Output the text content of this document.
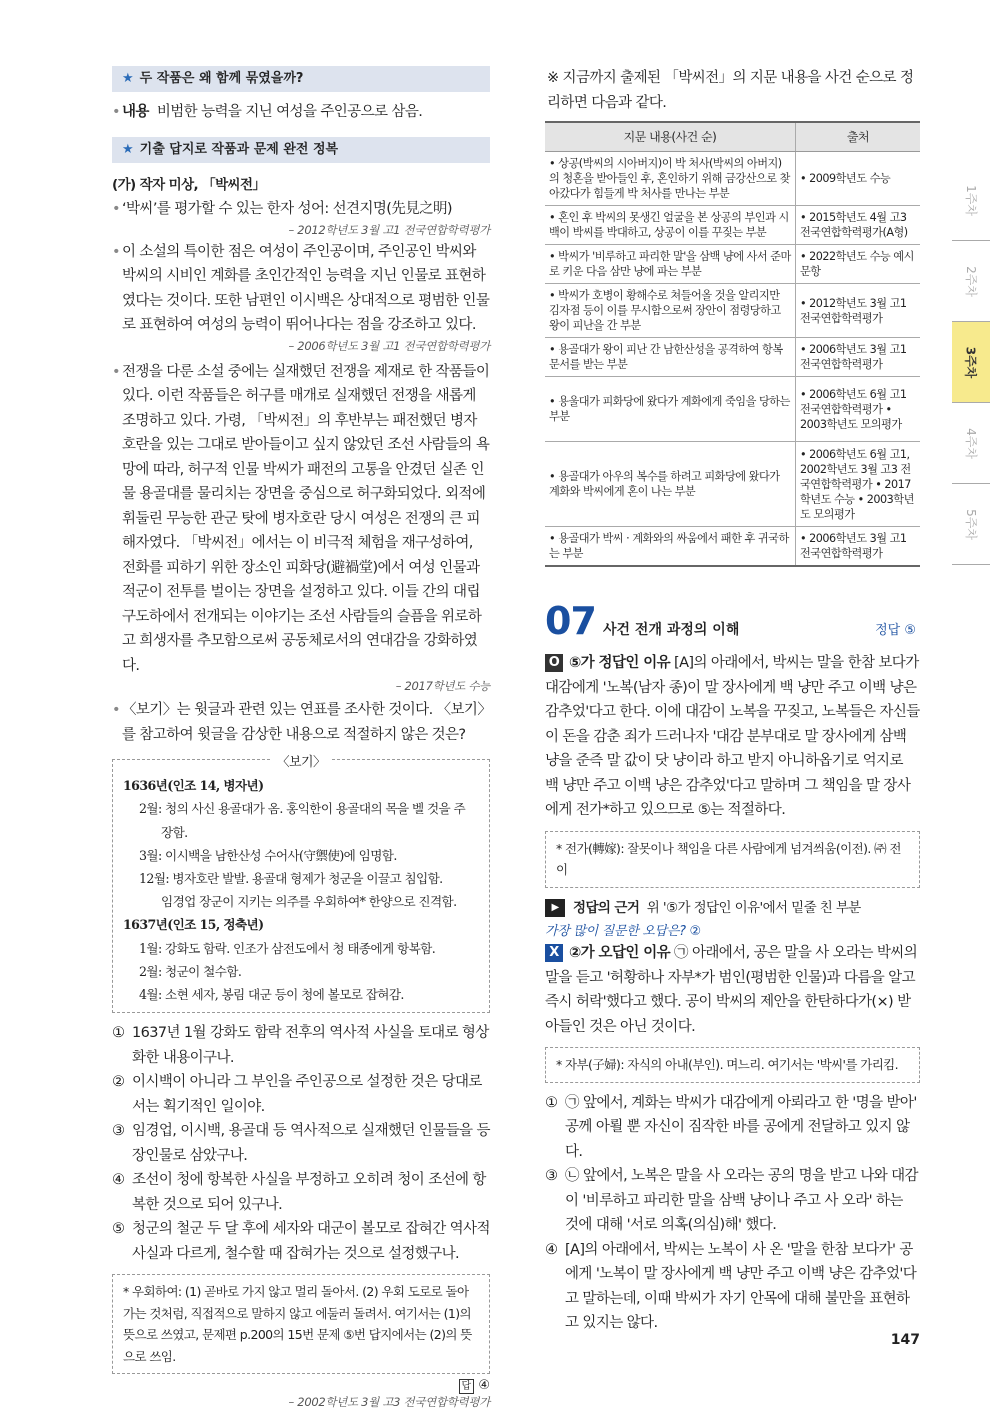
★ 두 작품은 왜 함께 묶였을까?
• 내용 비범한 능력을 지닌 여성을 주인공으로 삼음.
★ 기출 답지로 작품과 문제 완전 정복
(가) 작자 미상, 「박씨전」
• ‘박씨’를 평가할 수 있는 한자 성어: 선견지명(先見之明)
– 2012학년도 3월 고1 전국연합학력평가
• 이 소설의 특이한 점은 여성이 주인공이며, 주인공인 박씨와 박씨의 시비인 계화를 초인간적인 능력을 지닌 인물로 표현하였다는 것이다. 또한 남편인 이시백은 상대적으로 평범한 인물로 표현하여 여성의 능력이 뛰어나다는 점을 강조하고 있다.
– 2006학년도 3월 고1 전국연합학력평가
• 전쟁을 다룬 소설 중에는 실재했던 전쟁을 제재로 한 작품들이 있다. 이런 작품들은 허구를 매개로 실재했던 전쟁을 새롭게 조명하고 있다. 가령, 「박씨전」의 후반부는 패전했던 병자호란을 있는 그대로 받아들이고 싶지 않았던 조선 사람들의 욕망에 따라, 허구적 인물 박씨가 패전의 고통을 안겼던 실존 인물 용골대를 물리치는 장면을 중심으로 허구화되었다. 외적에 휘둘린 무능한 관군 탓에 병자호란 당시 여성은 전쟁의 큰 피해자였다. 「박씨전」에서는 이 비극적 체험을 재구성하여, 전화를 피하기 위한 장소인 피화당(避禍堂)에서 여성 인물과 적군이 전투를 벌이는 장면을 설정하고 있다. 이들 간의 대립 구도하에서 전개되는 이야기는 조선 사람들의 슬픔을 위로하고 희생자를 추모함으로써 공동체로서의 연대감을 강화하였다.
– 2017학년도 수능
• 〈보기〉는 윗글과 관련 있는 연표를 조사한 것이다. 〈보기〉를 참고하여 윗글을 감상한 내용으로 적절하지 않은 것은?
〈보기〉
1636년(인조 14, 병자년)
2월: 청의 사신 용골대가 옴. 홍익한이 용골대의 목을 벨 것을 주
장함.
3월: 이시백을 남한산성 수어사(守禦使)에 임명함.
12월: 병자호란 발발. 용골대 형제가 청군을 이끌고 침입함.
임경업 장군이 지키는 의주를 우회하여* 한양으로 진격함.
1637년(인조 15, 정축년)
1월: 강화도 함락. 인조가 삼전도에서 청 태종에게 항복함.
2월: 청군이 철수함.
4월: 소현 세자, 봉림 대군 등이 청에 볼모로 잡혀감.
① 1637년 1월 강화도 함락 전후의 역사적 사실을 토대로 형상화한 내용이구나.
② 이시백이 아니라 그 부인을 주인공으로 설정한 것은 당대로서는 획기적인 일이야.
③ 임경업, 이시백, 용골대 등 역사적으로 실재했던 인물들을 등장인물로 삼았구나.
④ 조선이 청에 항복한 사실을 부정하고 오히려 청이 조선에 항복한 것으로 되어 있구나.
⑤ 청군의 철군 두 달 후에 세자와 대군이 볼모로 잡혀간 역사적 사실과 다르게, 철수할 때 잡혀가는 것으로 설정했구나.
* 우회하여: (1) 곧바로 가지 않고 멀리 돌아서. (2) 우회 도로로 돌아가는 것처럼, 직접적으로 말하지 않고 에둘러 돌려서. 여기서는 (1)의 뜻으로 쓰였고, 문제편 p.200의 15번 문제 ⑤번 답지에서는 (2)의 뜻으로 쓰임.
답 ④
– 2002학년도 3월 고3 전국연합학력평가
※ 지금까지 출제된 「박씨전」의 지문 내용을 사건 순으로 정리하면 다음과 같다.
지문 내용(사건 순)	출처
• 상공(박씨의 시아버지)이 박 처사(박씨의 아버지)의 청혼을 받아들인 후, 혼인하기 위해 금강산으로 찾아갔다가 힘들게 박 처사를 만나는 부분	• 2009학년도 수능
• 혼인 후 박씨의 못생긴 얼굴을 본 상공의 부인과 시백이 박씨를 박대하고, 상공이 이를 꾸짖는 부분	• 2015학년도 4월 고3 전국연합학력평가(A형)
• 박씨가 '비루하고 파리한 말'을 삼백 냥에 사서 준마로 키운 다음 삼만 냥에 파는 부분	• 2022학년도 수능 예시 문항
• 박씨가 호병이 황해수로 쳐들어올 것을 알리지만 김자점 등이 이를 무시함으로써 장안이 점령당하고 왕이 피난을 간 부분	• 2012학년도 3월 고1 전국연합학력평가
• 용골대가 왕이 피난 간 남한산성을 공격하여 항복 문서를 받는 부분	• 2006학년도 3월 고1 전국연합학력평가
• 용울대가 피화당에 왔다가 계화에게 죽임을 당하는 부분	• 2006학년도 6월 고1 전국연합학력평가 • 2003학년도 모의평가
• 용골대가 아우의 복수를 하려고 피화당에 왔다가 계화와 박씨에게 혼이 나는 부분	• 2006학년도 6월 고1, 2002학년도 3월 고3 전국연합학력평가 • 2017학년도 수능 • 2003학년도 모의평가
• 용골대가 박씨 · 계화와의 싸움에서 패한 후 귀국하는 부분	• 2006학년도 3월 고1 전국연합학력평가
07 사건 전개 과정의 이해	정답 ⑤
O ⑤가 정답인 이유 [A]의 아래에서, 박씨는 말을 한참 보다가 대감에게 '노복(남자 종)이 말 장사에게 백 냥만 주고 이백 냥은 감추었'다고 한다. 이에 대감이 노복을 꾸짖고, 노복들은 자신들이 돈을 감춘 죄가 드러나자 '대감 분부대로 말 장사에게 삼백 냥을 준즉 말 값이 닷 냥이라 하고 받지 아니하옵기로 억지로 백 냥만 주고 이백 냥은 감추었'다고 말하며 그 책임을 말 장사에게 전가*하고 있으므로 ⑤는 적절하다.
* 전가(轉嫁): 잘못이나 책임을 다른 사람에게 넘겨씌움(이전). ㈜ 전이
▶ 정답의 근거 위 '⑤가 정답인 이유'에서 밑줄 친 부분
가장 많이 질문한 오답은? ②
X ②가 오답인 이유 ㉠ 아래에서, 공은 말을 사 오라는 박씨의 말을 듣고 '허황하나 자부*가 범인(평범한 인물)과 다름을 알고 즉시 허락'했다고 했다. 공이 박씨의 제안을 한탄하다가(×) 받아들인 것은 아닌 것이다.
* 자부(子婦): 자식의 아내(부인). 며느리. 여기서는 '박씨'를 가리킴.
① ㉠ 앞에서, 계화는 박씨가 대감에게 아뢰라고 한 '명을 받아' 공께 아뢸 뿐 자신이 짐작한 바를 공에게 전달하고 있지 않다.
③ ㉡ 앞에서, 노복은 말을 사 오라는 공의 명을 받고 나와 대감이 '비루하고 파리한 말을 삼백 냥이나 주고 사 오라' 하는 것에 대해 '서로 의혹(의심)해' 했다.
④ [A]의 아래에서, 박씨는 노복이 사 온 '말을 한참 보다가' 공에게 '노복이 말 장사에게 백 냥만 주고 이백 냥은 감추었'다고 말하는데, 이때 박씨가 자기 안목에 대해 불만을 표현하고 있지는 않다.
1주차
2주차
3주차
4주차
5주차
147
